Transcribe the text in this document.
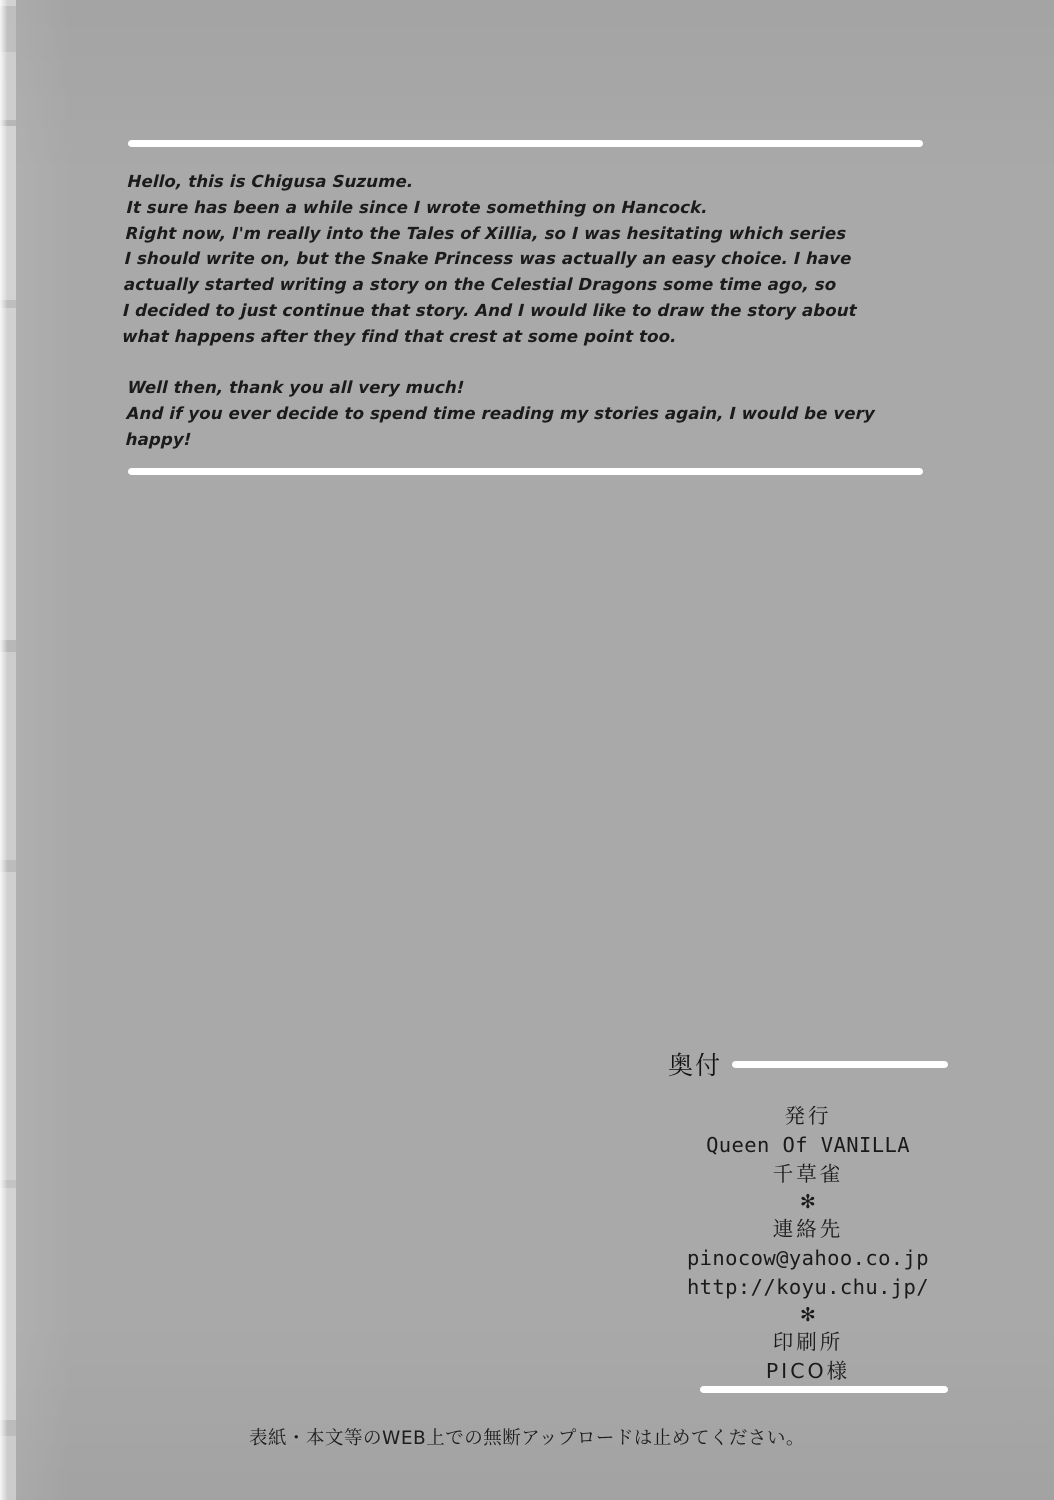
Hello, this is Chigusa Suzume.
It sure has been a while since I wrote something on Hancock.
Right now, I'm really into the Tales of Xillia, so I was hesitating which series
I should write on, but the Snake Princess was actually an easy choice. I have
actually started writing a story on the Celestial Dragons some time ago, so
I decided to just continue that story. And I would like to draw the story about
what happens after they find that crest at some point too.
Well then, thank you all very much!
And if you ever decide to spend time reading my stories again, I would be very happy!
奥付
発行
Queen Of VANILLA
千草雀
✻
連絡先
pinocow@yahoo.co.jp
http://koyu.chu.jp/
✻
印刷所
PICO様
表紙・本文等のWEB上での無断アップロードは止めてください。
